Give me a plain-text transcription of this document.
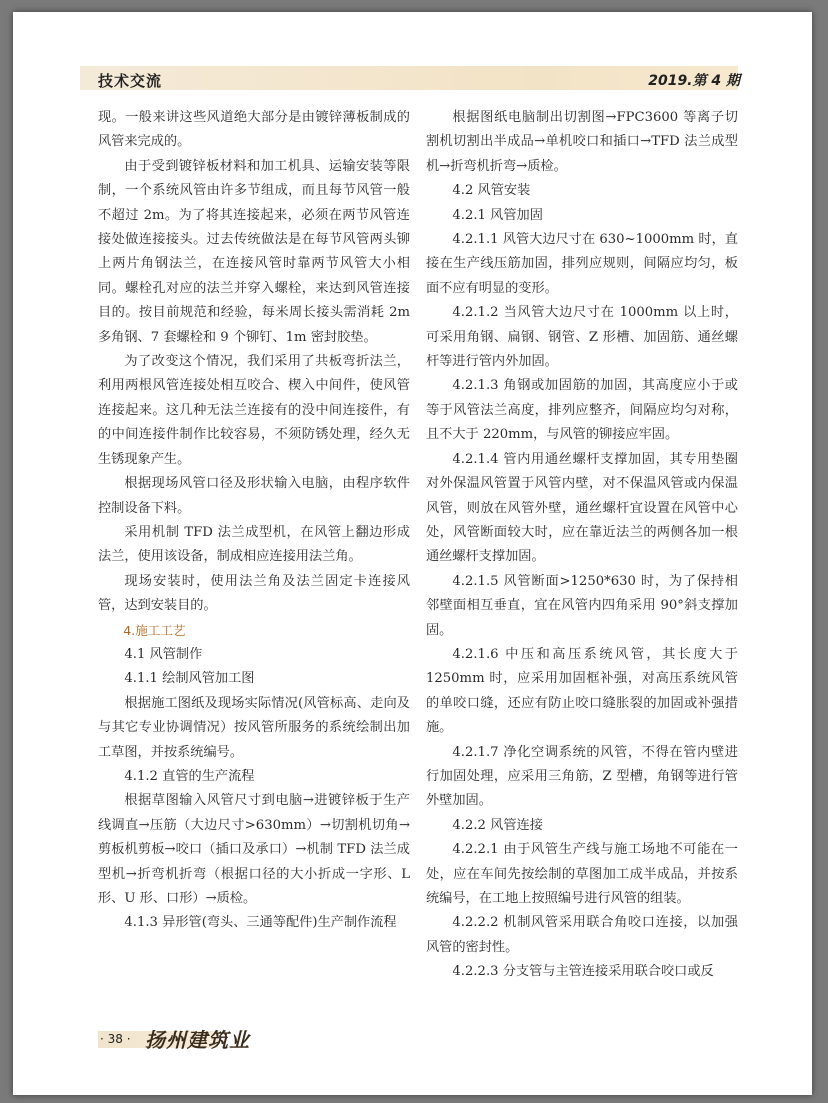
技术交流	2019.第 4 期

现。一般来讲这些风道绝大部分是由镀锌薄板制成的风管来完成的。

由于受到镀锌板材料和加工机具、运输安装等限制，一个系统风管由许多节组成，而且每节风管一般不超过 2m。为了将其连接起来，必须在两节风管连接处做连接接头。过去传统做法是在每节风管两头铆上两片角钢法兰，在连接风管时靠两节风管大小相同。螺栓孔对应的法兰并穿入螺栓，来达到风管连接目的。按目前规范和经验，每米周长接头需消耗 2m 多角钢、7 套螺栓和 9 个铆钉、1m 密封胶垫。

为了改变这个情况，我们采用了共板弯折法兰，利用两根风管连接处相互咬合、楔入中间件，使风管连接起来。这几种无法兰连接有的没中间连接件，有的中间连接件制作比较容易，不须防锈处理，经久无生锈现象产生。

根据现场风管口径及形状输入电脑，由程序软件控制设备下料。

采用机制 TFD 法兰成型机，在风管上翻边形成法兰，使用该设备，制成相应连接用法兰角。

现场安装时，使用法兰角及法兰固定卡连接风管，达到安装目的。

4.施工工艺

4.1 风管制作

4.1.1 绘制风管加工图

根据施工图纸及现场实际情况(风管标高、走向及与其它专业协调情况）按风管所服务的系统绘制出加工草图，并按系统编号。

4.1.2 直管的生产流程

根据草图输入风管尺寸到电脑→进镀锌板于生产线调直→压筋（大边尺寸>630mm）→切割机切角→剪板机剪板→咬口（插口及承口）→机制 TFD 法兰成型机→折弯机折弯（根据口径的大小折成一字形、L 形、U 形、口形）→质检。

4.1.3 异形管(弯头、三通等配件)生产制作流程

根据图纸电脑制出切割图→FPC3600 等离子切割机切割出半成品→单机咬口和插口→TFD 法兰成型机→折弯机折弯→质检。

4.2 风管安装

4.2.1 风管加固

4.2.1.1 风管大边尺寸在 630~1000mm 时，直接在生产线压筋加固，排列应规则，间隔应均匀，板面不应有明显的变形。

4.2.1.2 当风管大边尺寸在 1000mm 以上时，可采用角钢、扁钢、钢管、Z 形槽、加固筋、通丝螺杆等进行管内外加固。

4.2.1.3 角钢或加固筋的加固，其高度应小于或等于风管法兰高度，排列应整齐，间隔应均匀对称，且不大于 220mm，与风管的铆接应牢固。

4.2.1.4 管内用通丝螺杆支撑加固，其专用垫圈对外保温风管置于风管内壁，对不保温风管或内保温风管，则放在风管外壁，通丝螺杆宜设置在风管中心处，风管断面较大时，应在靠近法兰的两侧各加一根通丝螺杆支撑加固。

4.2.1.5 风管断面>1250*630 时，为了保持相邻壁面相互垂直，宜在风管内四角采用 90°斜支撑加固。

4.2.1.6 中压和高压系统风管，其长度大于 1250mm 时，应采用加固框补强，对高压系统风管的单咬口缝，还应有防止咬口缝胀裂的加固或补强措施。

4.2.1.7 净化空调系统的风管，不得在管内壁进行加固处理，应采用三角筋，Z 型槽，角钢等进行管外壁加固。

4.2.2 风管连接

4.2.2.1 由于风管生产线与施工场地不可能在一处，应在车间先按绘制的草图加工成半成品，并按系统编号，在工地上按照编号进行风管的组装。

4.2.2.2 机制风管采用联合角咬口连接，以加强风管的密封性。

4.2.2.3 分支管与主管连接采用联合咬口或反

· 38 · 扬州建筑业
